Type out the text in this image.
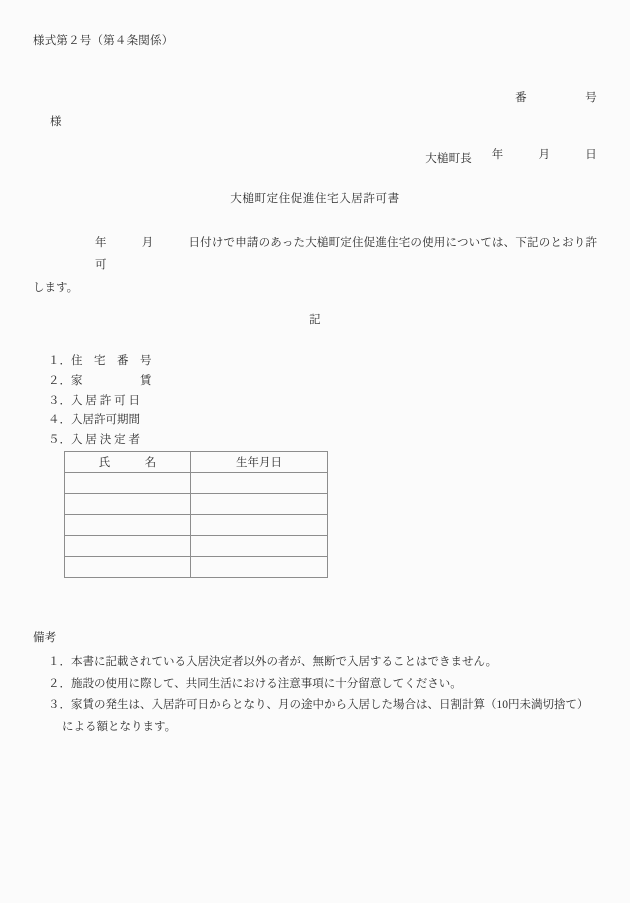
様式第２号（第４条関係）

番　　　　　号

年　　　月　　　日

様
大槌町長
大槌町定住促進住宅入居許可書
年　　　月　　　日付けで申請のあった大槌町定住促進住宅の使用については、下記のとおり許可
します。
記
１．住　宅　番　号
２．家　　　　　賃
３．入 居 許 可 日
４．入居許可期間
５．入 居 決 定 者
氏　　　名	生年月日

備考
１．本書に記載されている入居決定者以外の者が、無断で入居することはできません。
２．施設の使用に際して、共同生活における注意事項に十分留意してください。
３．家賃の発生は、入居許可日からとなり、月の途中から入居した場合は、日割計算（10円未満切捨て）
による額となります。
